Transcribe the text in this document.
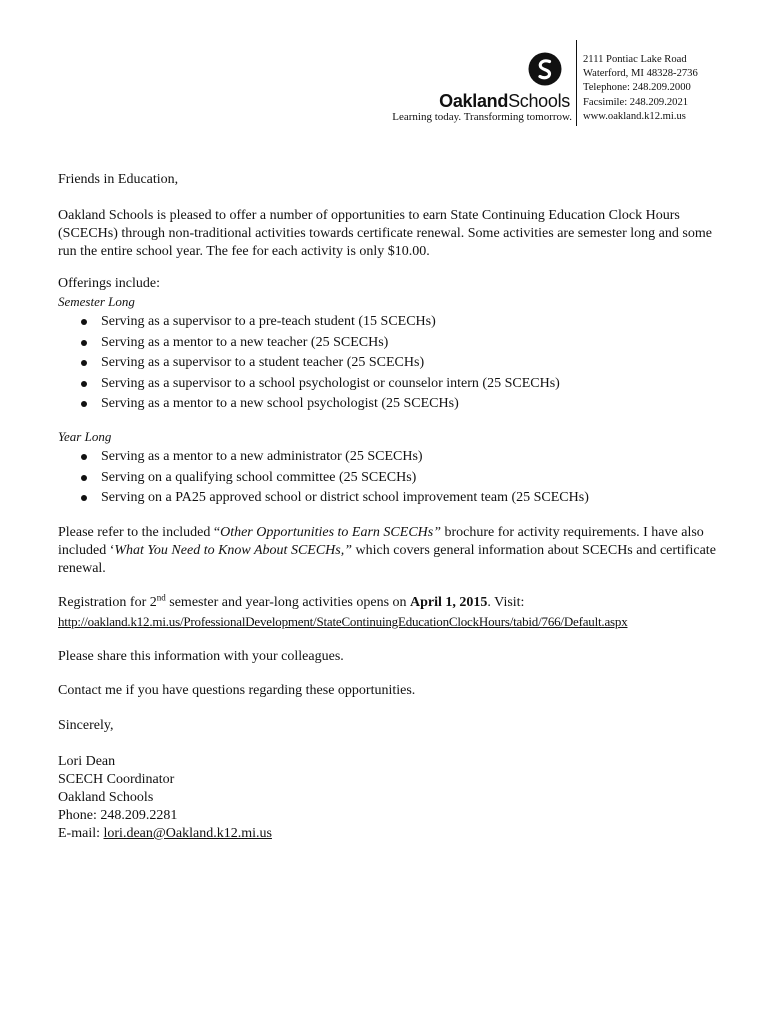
OaklandSchools
Learning today. Transforming tomorrow.
2111 Pontiac Lake Road
Waterford, MI 48328-2736
Telephone: 248.209.2000
Facsimile: 248.209.2021
www.oakland.k12.mi.us

Friends in Education,

Oakland Schools is pleased to offer a number of opportunities to earn State Continuing Education Clock Hours (SCECHs) through non-traditional activities towards certificate renewal. Some activities are semester long and some run the entire school year. The fee for each activity is only $10.00.

Offerings include:

Semester Long

Serving as a supervisor to a pre-teach student (15 SCECHs)
Serving as a mentor to a new teacher (25 SCECHs)
Serving as a supervisor to a student teacher (25 SCECHs)
Serving as a supervisor to a school psychologist or counselor intern (25 SCECHs)
Serving as a mentor to a new school psychologist (25 SCECHs)

Year Long

Serving as a mentor to a new administrator (25 SCECHs)
Serving on a qualifying school committee (25 SCECHs)
Serving on a PA25 approved school or district school improvement team (25 SCECHs)

Please refer to the included “Other Opportunities to Earn SCECHs” brochure for activity requirements. I have also included ‘What You Need to Know About SCECHs,” which covers general information about SCECHs and certificate renewal.

Registration for 2nd semester and year-long activities opens on April 1, 2015. Visit:

http://oakland.k12.mi.us/ProfessionalDevelopment/StateContinuingEducationClockHours/tabid/766/Default.aspx

Please share this information with your colleagues.

Contact me if you have questions regarding these opportunities.

Sincerely,

Lori Dean

SCECH Coordinator

Oakland Schools

Phone: 248.209.2281

E-mail: lori.dean@Oakland.k12.mi.us
